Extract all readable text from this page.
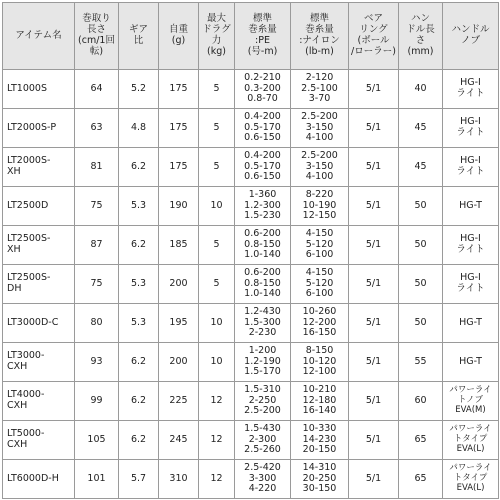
アイテム名	巻取り
長さ
(cm/1回
転)	ギア
比	自重
(g)	最大
ドラグ
力
(kg)	標準
巻糸量
:PE
(号-m)	標準
巻糸量
:ナイロン
(lb-m)	ベア
リング
(ボール
/ローラー)	ハン
ドル長
さ
(mm)	ハンドル
ノブ
LT1000S	64	5.2	175	5	0.2-210
0.3-200
0.8-70	2-120
2.5-100
3-70	5/1	40	HG-I
ライト
LT2000S-P	63	4.8	175	5	0.4-200
0.5-170
0.6-150	2.5-200
3-150
4-100	5/1	45	HG-I
ライト
LT2000S-
XH	81	6.2	175	5	0.4-200
0.5-170
0.6-150	2.5-200
3-150
4-100	5/1	45	HG-I
ライト
LT2500D	75	5.3	190	10	1-360
1.2-300
1.5-230	8-220
10-190
12-150	5/1	50	HG-T
LT2500S-
XH	87	6.2	185	5	0.6-200
0.8-150
1.0-140	4-150
5-120
6-100	5/1	50	HG-I
ライト
LT2500S-
DH	75	5.3	200	5	0.6-200
0.8-150
1.0-140	4-150
5-120
6-100	5/1	50	HG-I
ライト
LT3000D-C	80	5.3	195	10	1.2-430
1.5-300
2-230	10-260
12-200
16-150	5/1	50	HG-T
LT3000-
CXH	93	6.2	200	10	1-200
1.2-190
1.5-170	8-150
10-120
12-100	5/1	55	HG-T
LT4000-
CXH	99	6.2	225	12	1.5-310
2-250
2.5-200	10-210
12-180
16-140	5/1	60	パワーライ
トノブ
EVA(M)
LT5000-
CXH	105	6.2	245	12	1.5-430
2-300
2.5-260	10-330
14-230
20-150	5/1	65	パワーライ
トタイプ
EVA(L)
LT6000D-H	101	5.7	310	12	2.5-420
3-300
4-220	14-310
20-250
30-150	5/1	65	パワーライ
トタイプ
EVA(L)
